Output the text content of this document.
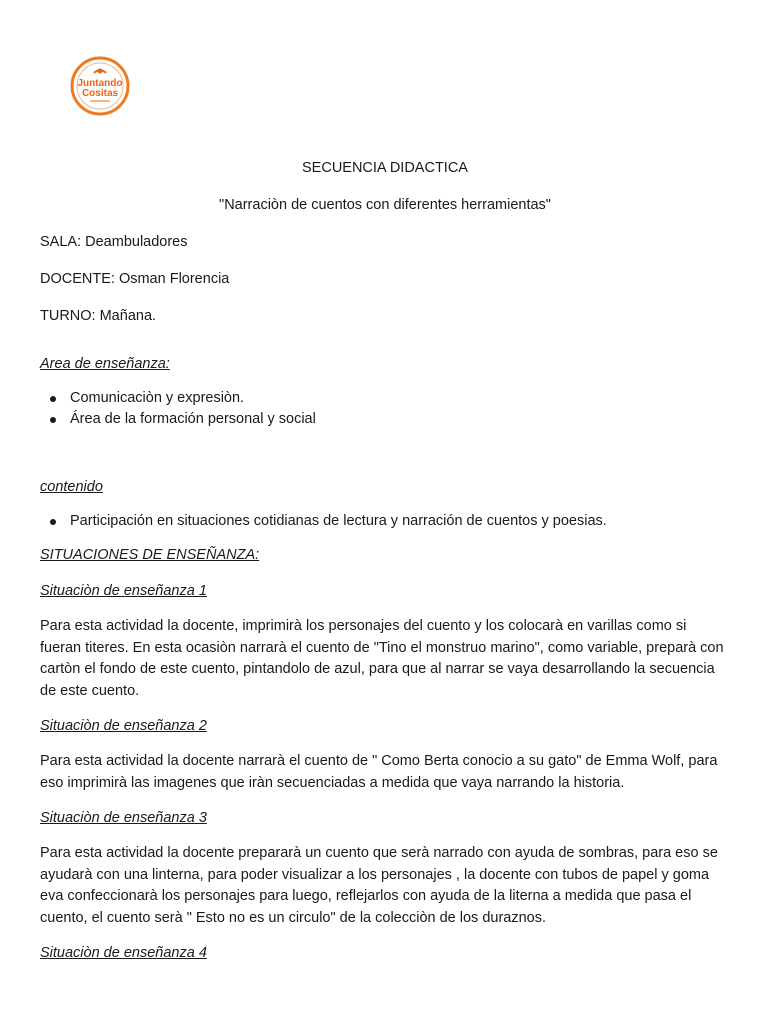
Juntando
Cositas

SECUENCIA DIDACTICA

"Narraciòn de cuentos con diferentes herramientas"

SALA: Deambuladores

DOCENTE: Osman Florencia

TURNO: Mañana.

Area de enseñanza:

Comunicaciòn y expresiòn.
Área de la formación personal y social

contenido

Participación en situaciones cotidianas de lectura y narración de cuentos y poesias.

SITUACIONES DE ENSEÑANZA:

Situaciòn de enseñanza 1

Para esta actividad la docente, imprimirà los personajes del cuento y los colocarà en varillas como si fueran titeres. En esta ocasiòn narrarà el cuento de "Tino el monstruo marino", como variable, preparà con cartòn el fondo de este cuento, pintandolo de azul, para que al narrar se vaya desarrollando la secuencia de este cuento.

Situaciòn de enseñanza 2

Para esta actividad la docente narrarà el cuento de " Como Berta conocio a su gato" de Emma Wolf, para eso imprimirà las imagenes que iràn secuenciadas a medida que vaya narrando la historia.

Situaciòn de enseñanza 3

Para esta actividad la docente prepararà un cuento que serà narrado con ayuda de sombras, para eso se ayudarà con una linterna, para poder visualizar a los personajes , la docente con tubos de papel y goma eva confeccionarà los personajes para luego, reflejarlos con ayuda de la literna a medida que pasa el cuento, el cuento serà " Esto no es un circulo" de la colecciòn de los duraznos.

Situaciòn de enseñanza 4
